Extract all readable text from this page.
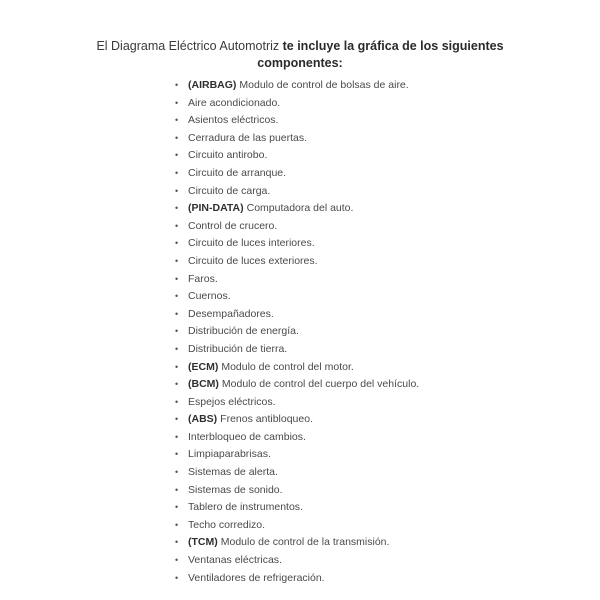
El Diagrama Eléctrico Automotriz te incluye la gráfica de los siguientes componentes:
• (AIRBAG) Modulo de control de bolsas de aire.
• Aire acondicionado.
• Asientos eléctricos.
• Cerradura de las puertas.
• Circuito antirobo.
• Circuito de arranque.
• Circuito de carga.
• (PIN-DATA) Computadora del auto.
• Control de crucero.
• Circuito de luces interiores.
• Circuito de luces exteriores.
• Faros.
• Cuernos.
• Desempañadores.
• Distribución de energía.
• Distribución de tierra.
• (ECM) Modulo de control del motor.
• (BCM) Modulo de control del cuerpo del vehículo.
• Espejos eléctricos.
• (ABS) Frenos antibloqueo.
• Interbloqueo de cambios.
• Limpiaparabrisas.
• Sistemas de alerta.
• Sistemas de sonido.
• Tablero de instrumentos.
• Techo corredizo.
• (TCM) Modulo de control de la transmisión.
• Ventanas eléctricas.
• Ventiladores de refrigeración.
